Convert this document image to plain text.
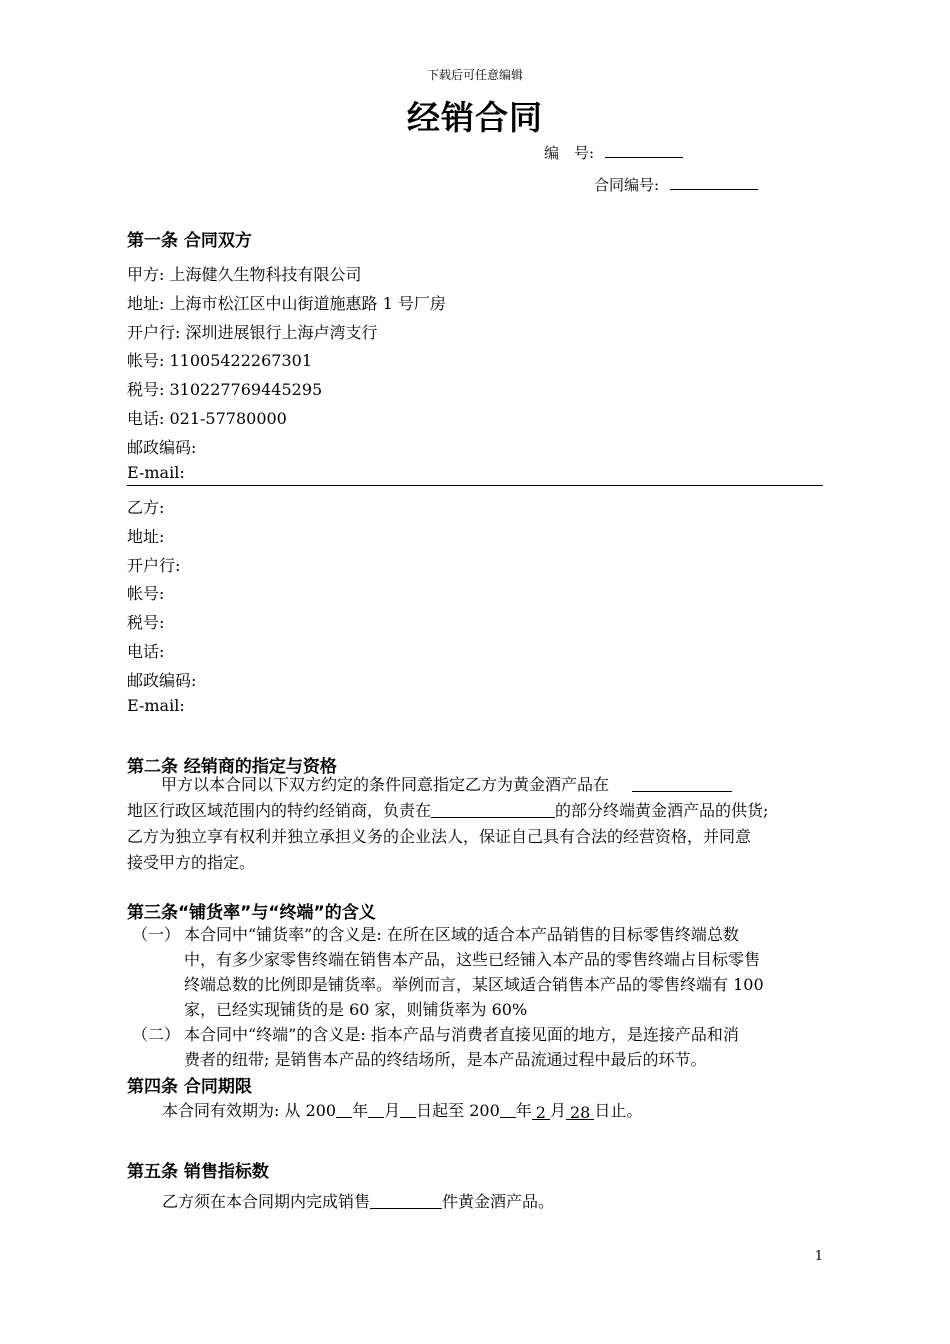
下载后可任意编辑
经销合同
编　号:
合同编号:
第一条 合同双方
甲方: 上海健久生物科技有限公司
地址: 上海市松江区中山街道施惠路 1 号厂房
开户行: 深圳进展银行上海卢湾支行
帐号: 11005422267301
税号: 310227769445295
电话: 021-57780000
邮政编码:
E-mail:
乙方:
地址:
开户行:
帐号:
税号:
电话:
邮政编码:
E-mail:
第二条 经销商的指定与资格
甲方以本合同以下双方约定的条件同意指定乙方为黄金酒产品在
地区行政区域范围内的特约经销商，负责在	的部分终端黄金酒产品的供货;
乙方为独立享有权利并独立承担义务的企业法人，保证自己具有合法的经营资格，并同意
接受甲方的指定。
第三条“铺货率”与“终端”的含义
（一） 本合同中“铺货率”的含义是: 在所在区域的适合本产品销售的目标零售终端总数
中，有多少家零售终端在销售本产品，这些已经铺入本产品的零售终端占目标零售
终端总数的比例即是铺货率。举例而言，某区域适合销售本产品的零售终端有 100
家，已经实现铺货的是 60 家，则铺货率为 60%
（二） 本合同中“终端”的含义是: 指本产品与消费者直接见面的地方，是连接产品和消
费者的纽带; 是销售本产品的终结场所，是本产品流通过程中最后的环节。
第四条 合同期限
本合同有效期为: 从 200 年 月 日起至 200 年 2 月 28 日止。
第五条 销售指标数
乙方须在本合同期内完成销售	件黄金酒产品。
1
